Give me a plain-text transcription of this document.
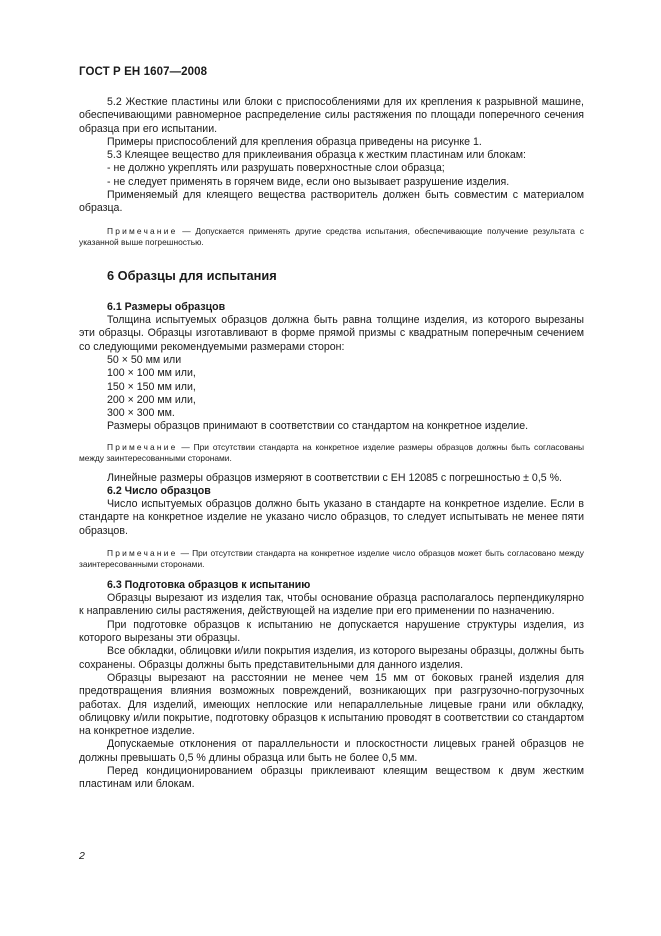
ГОСТ Р ЕН 1607—2008

5.2 Жесткие пластины или блоки с приспособлениями для их крепления к разрывной машине, обеспечивающими равномерное распределение силы растяжения по площади поперечного сечения образца при его испытании.

Примеры приспособлений для крепления образца приведены на рисунке 1.

5.3 Клеящее вещество для приклеивания образца к жестким пластинам или блокам:

- не должно укреплять или разрушать поверхностные слои образца;

- не следует применять в горячем виде, если оно вызывает разрушение изделия.

Применяемый для клеящего вещества растворитель должен быть совместим с материалом образца.

Примечание — Допускается применять другие средства испытания, обеспечивающие получение результата с указанной выше погрешностью.

6 Образцы для испытания

6.1 Размеры образцов

Толщина испытуемых образцов должна быть равна толщине изделия, из которого вырезаны эти образцы. Образцы изготавливают в форме прямой призмы с квадратным поперечным сечением со следующими рекомендуемыми размерами сторон:

50 × 50 мм или

100 × 100 мм или,

150 × 150 мм или,

200 × 200 мм или,

300 × 300 мм.

Размеры образцов принимают в соответствии со стандартом на конкретное изделие.

Примечание — При отсутствии стандарта на конкретное изделие размеры образцов должны быть согласованы между заинтересованными сторонами.

Линейные размеры образцов измеряют в соответствии с ЕН 12085 с погрешностью ± 0,5 %.

6.2 Число образцов

Число испытуемых образцов должно быть указано в стандарте на конкретное изделие. Если в стандарте на конкретное изделие не указано число образцов, то следует испытывать не менее пяти образцов.

Примечание — При отсутствии стандарта на конкретное изделие число образцов может быть согласовано между заинтересованными сторонами.

6.3 Подготовка образцов к испытанию

Образцы вырезают из изделия так, чтобы основание образца располагалось перпендикулярно к направлению силы растяжения, действующей на изделие при его применении по назначению.

При подготовке образцов к испытанию не допускается нарушение структуры изделия, из которого вырезаны эти образцы.

Все обкладки, облицовки и/или покрытия изделия, из которого вырезаны образцы, должны быть сохранены. Образцы должны быть представительными для данного изделия.

Образцы вырезают на расстоянии не менее чем 15 мм от боковых граней изделия для предотвращения влияния возможных повреждений, возникающих при разгрузочно-погрузочных работах. Для изделий, имеющих неплоские или непараллельные лицевые грани или обкладку, облицовку и/или покрытие, подготовку образцов к испытанию проводят в соответствии со стандартом на конкретное изделие.

Допускаемые отклонения от параллельности и плоскостности лицевых граней образцов не должны превышать 0,5 % длины образца или быть не более 0,5 мм.

Перед кондиционированием образцы приклеивают клеящим веществом к двум жестким пластинам или блокам.

2
